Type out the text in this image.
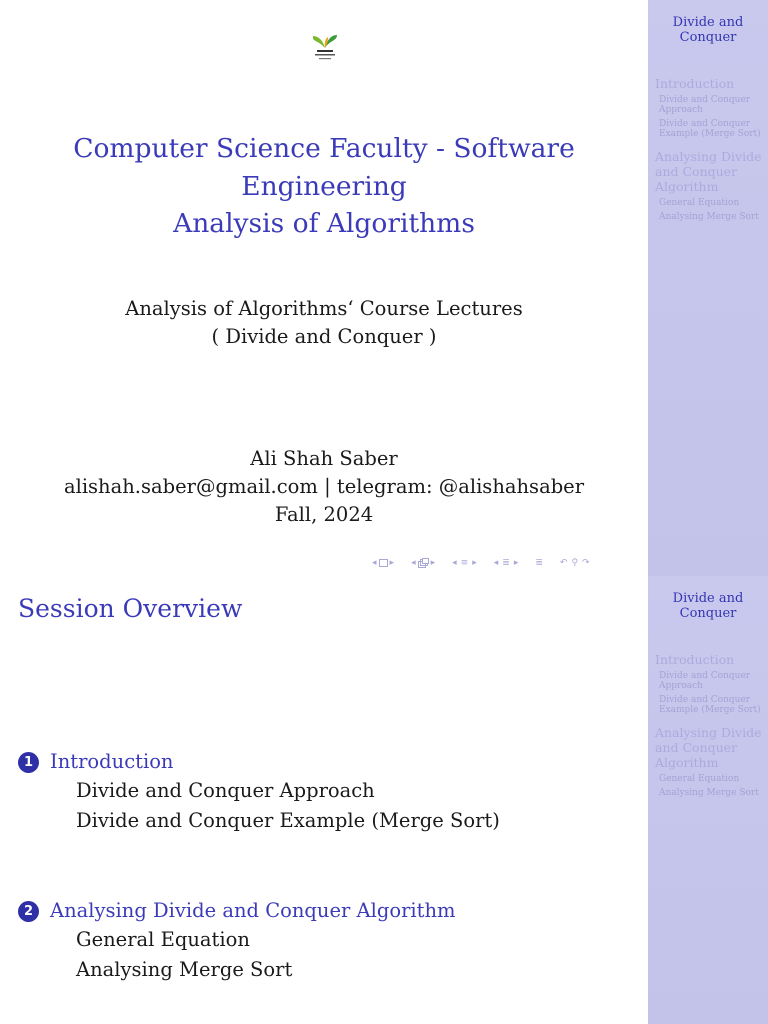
Computer Science Faculty - Software
Engineering
Analysis of Algorithms
Analysis of Algorithms‘ Course Lectures
( Divide and Conquer )
Ali Shah Saber
alishah.saber@gmail.com | telegram: @alishahsaber
Fall, 2024
◂ ▸ ◂ ▸ ◂ ≡ ▸ ◂ ≣ ▸ ≣ ↶ ⚲ ↷
Divide and Conquer
Introduction
Divide and Conquer Approach
Divide and Conquer Example (Merge Sort)
Analysing Divide and Conquer Algorithm
General Equation
Analysing Merge Sort
Session Overview
1 Introduction
Divide and Conquer Approach
Divide and Conquer Example (Merge Sort)
2 Analysing Divide and Conquer Algorithm
General Equation
Analysing Merge Sort
Divide and Conquer
Introduction
Divide and Conquer Approach
Divide and Conquer Example (Merge Sort)
Analysing Divide and Conquer Algorithm
General Equation
Analysing Merge Sort
